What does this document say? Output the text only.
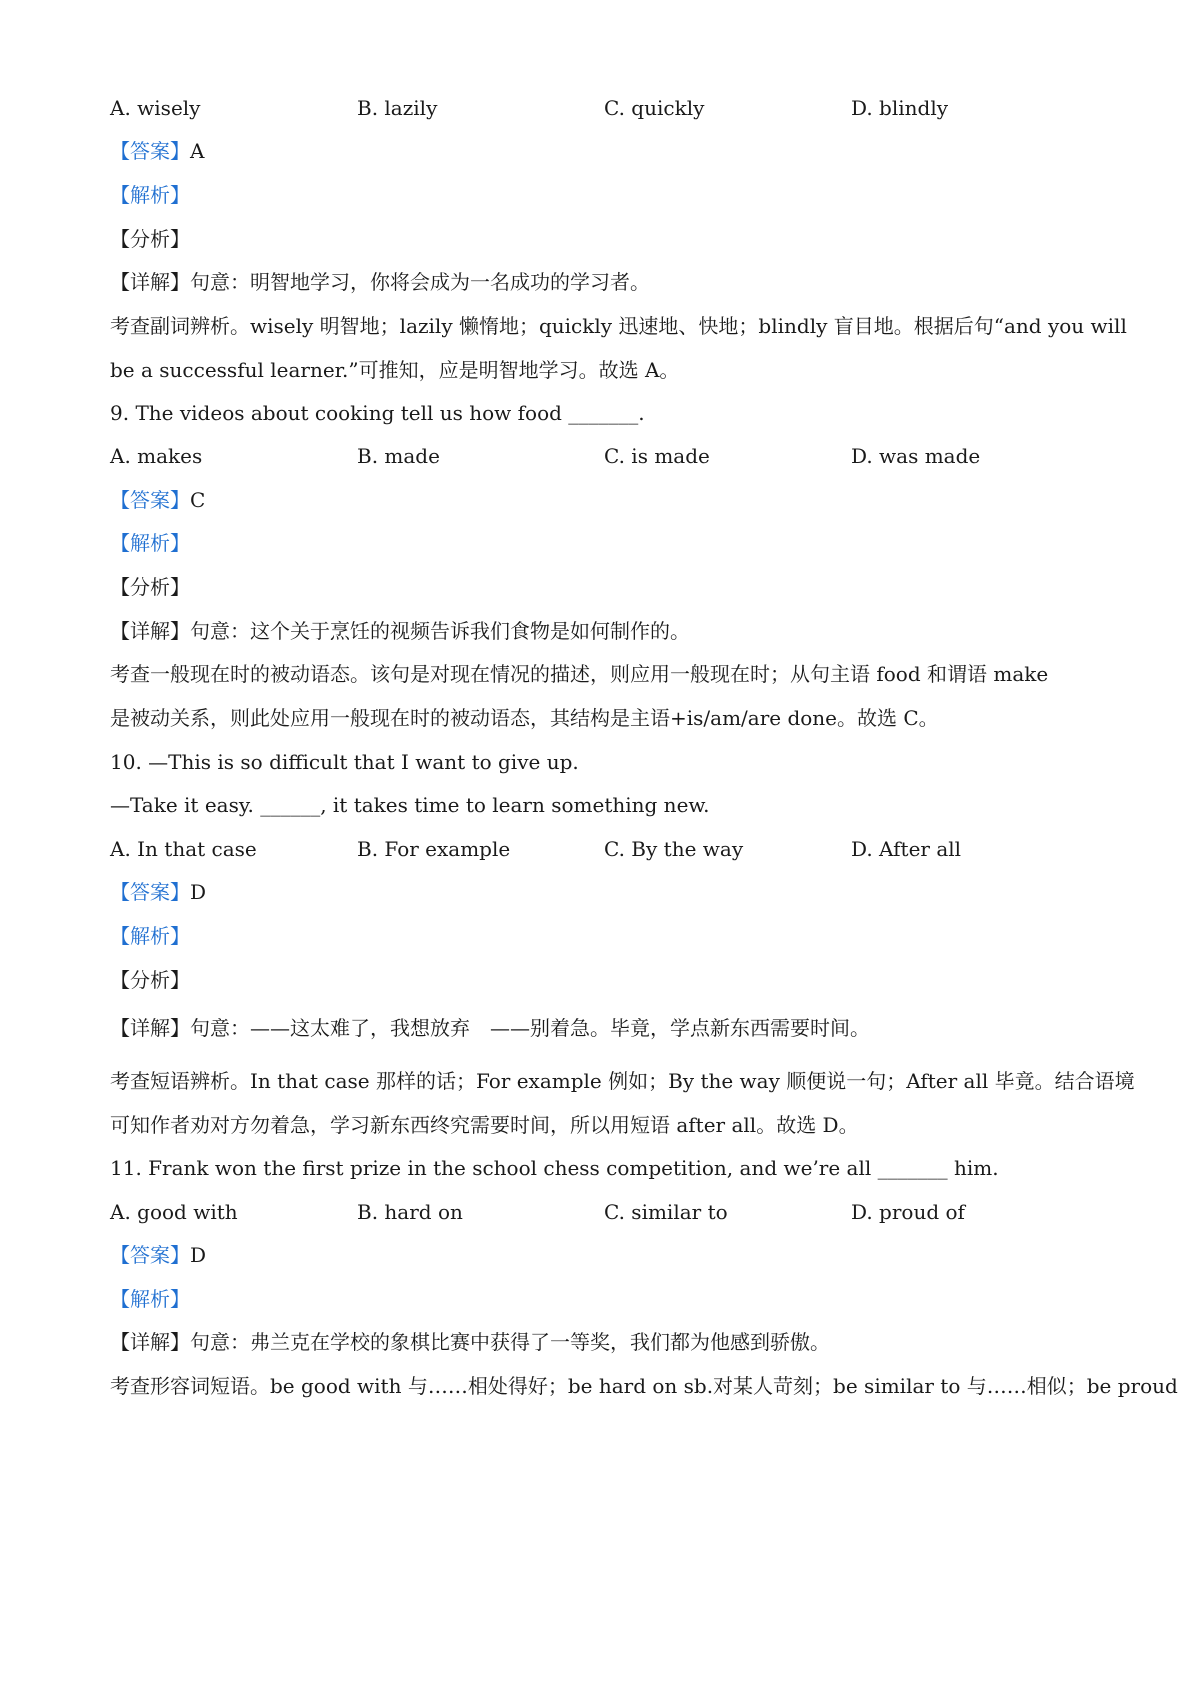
A. wisely	B. lazily	C. quickly	D. blindly
【答案】A
【解析】
【分析】
【详解】句意：明智地学习，你将会成为一名成功的学习者。
考查副词辨析。wisely 明智地；lazily 懒惰地；quickly 迅速地、快地；blindly 盲目地。根据后句“and you will
be a successful learner.”可推知，应是明智地学习。故选 A。
9. The videos about cooking tell us how food _______.
A. makes	B. made	C. is made	D. was made
【答案】C
【解析】
【分析】
【详解】句意：这个关于烹饪的视频告诉我们食物是如何制作的。
考查一般现在时的被动语态。该句是对现在情况的描述，则应用一般现在时；从句主语 food 和谓语 make
是被动关系，则此处应用一般现在时的被动语态，其结构是主语+is/am/are done。故选 C。
10. —This is so difficult that I want to give up.
—Take it easy. ______, it takes time to learn something new.
A. In that case	B. For example	C. By the way	D. After all
【答案】D
【解析】
【分析】
【详解】句意：——这太难了，我想放弃　——别着急。毕竟，学点新东西需要时间。
考查短语辨析。In that case 那样的话；For example 例如；By the way 顺便说一句；After all 毕竟。结合语境
可知作者劝对方勿着急，学习新东西终究需要时间，所以用短语 after all。故选 D。
11. Frank won the first prize in the school chess competition, and we’re all _______ him.
A. good with	B. hard on	C. similar to	D. proud of
【答案】D
【解析】
【详解】句意：弗兰克在学校的象棋比赛中获得了一等奖，我们都为他感到骄傲。
考查形容词短语。be good with 与……相处得好；be hard on sb.对某人苛刻；be similar to 与……相似；be proud
